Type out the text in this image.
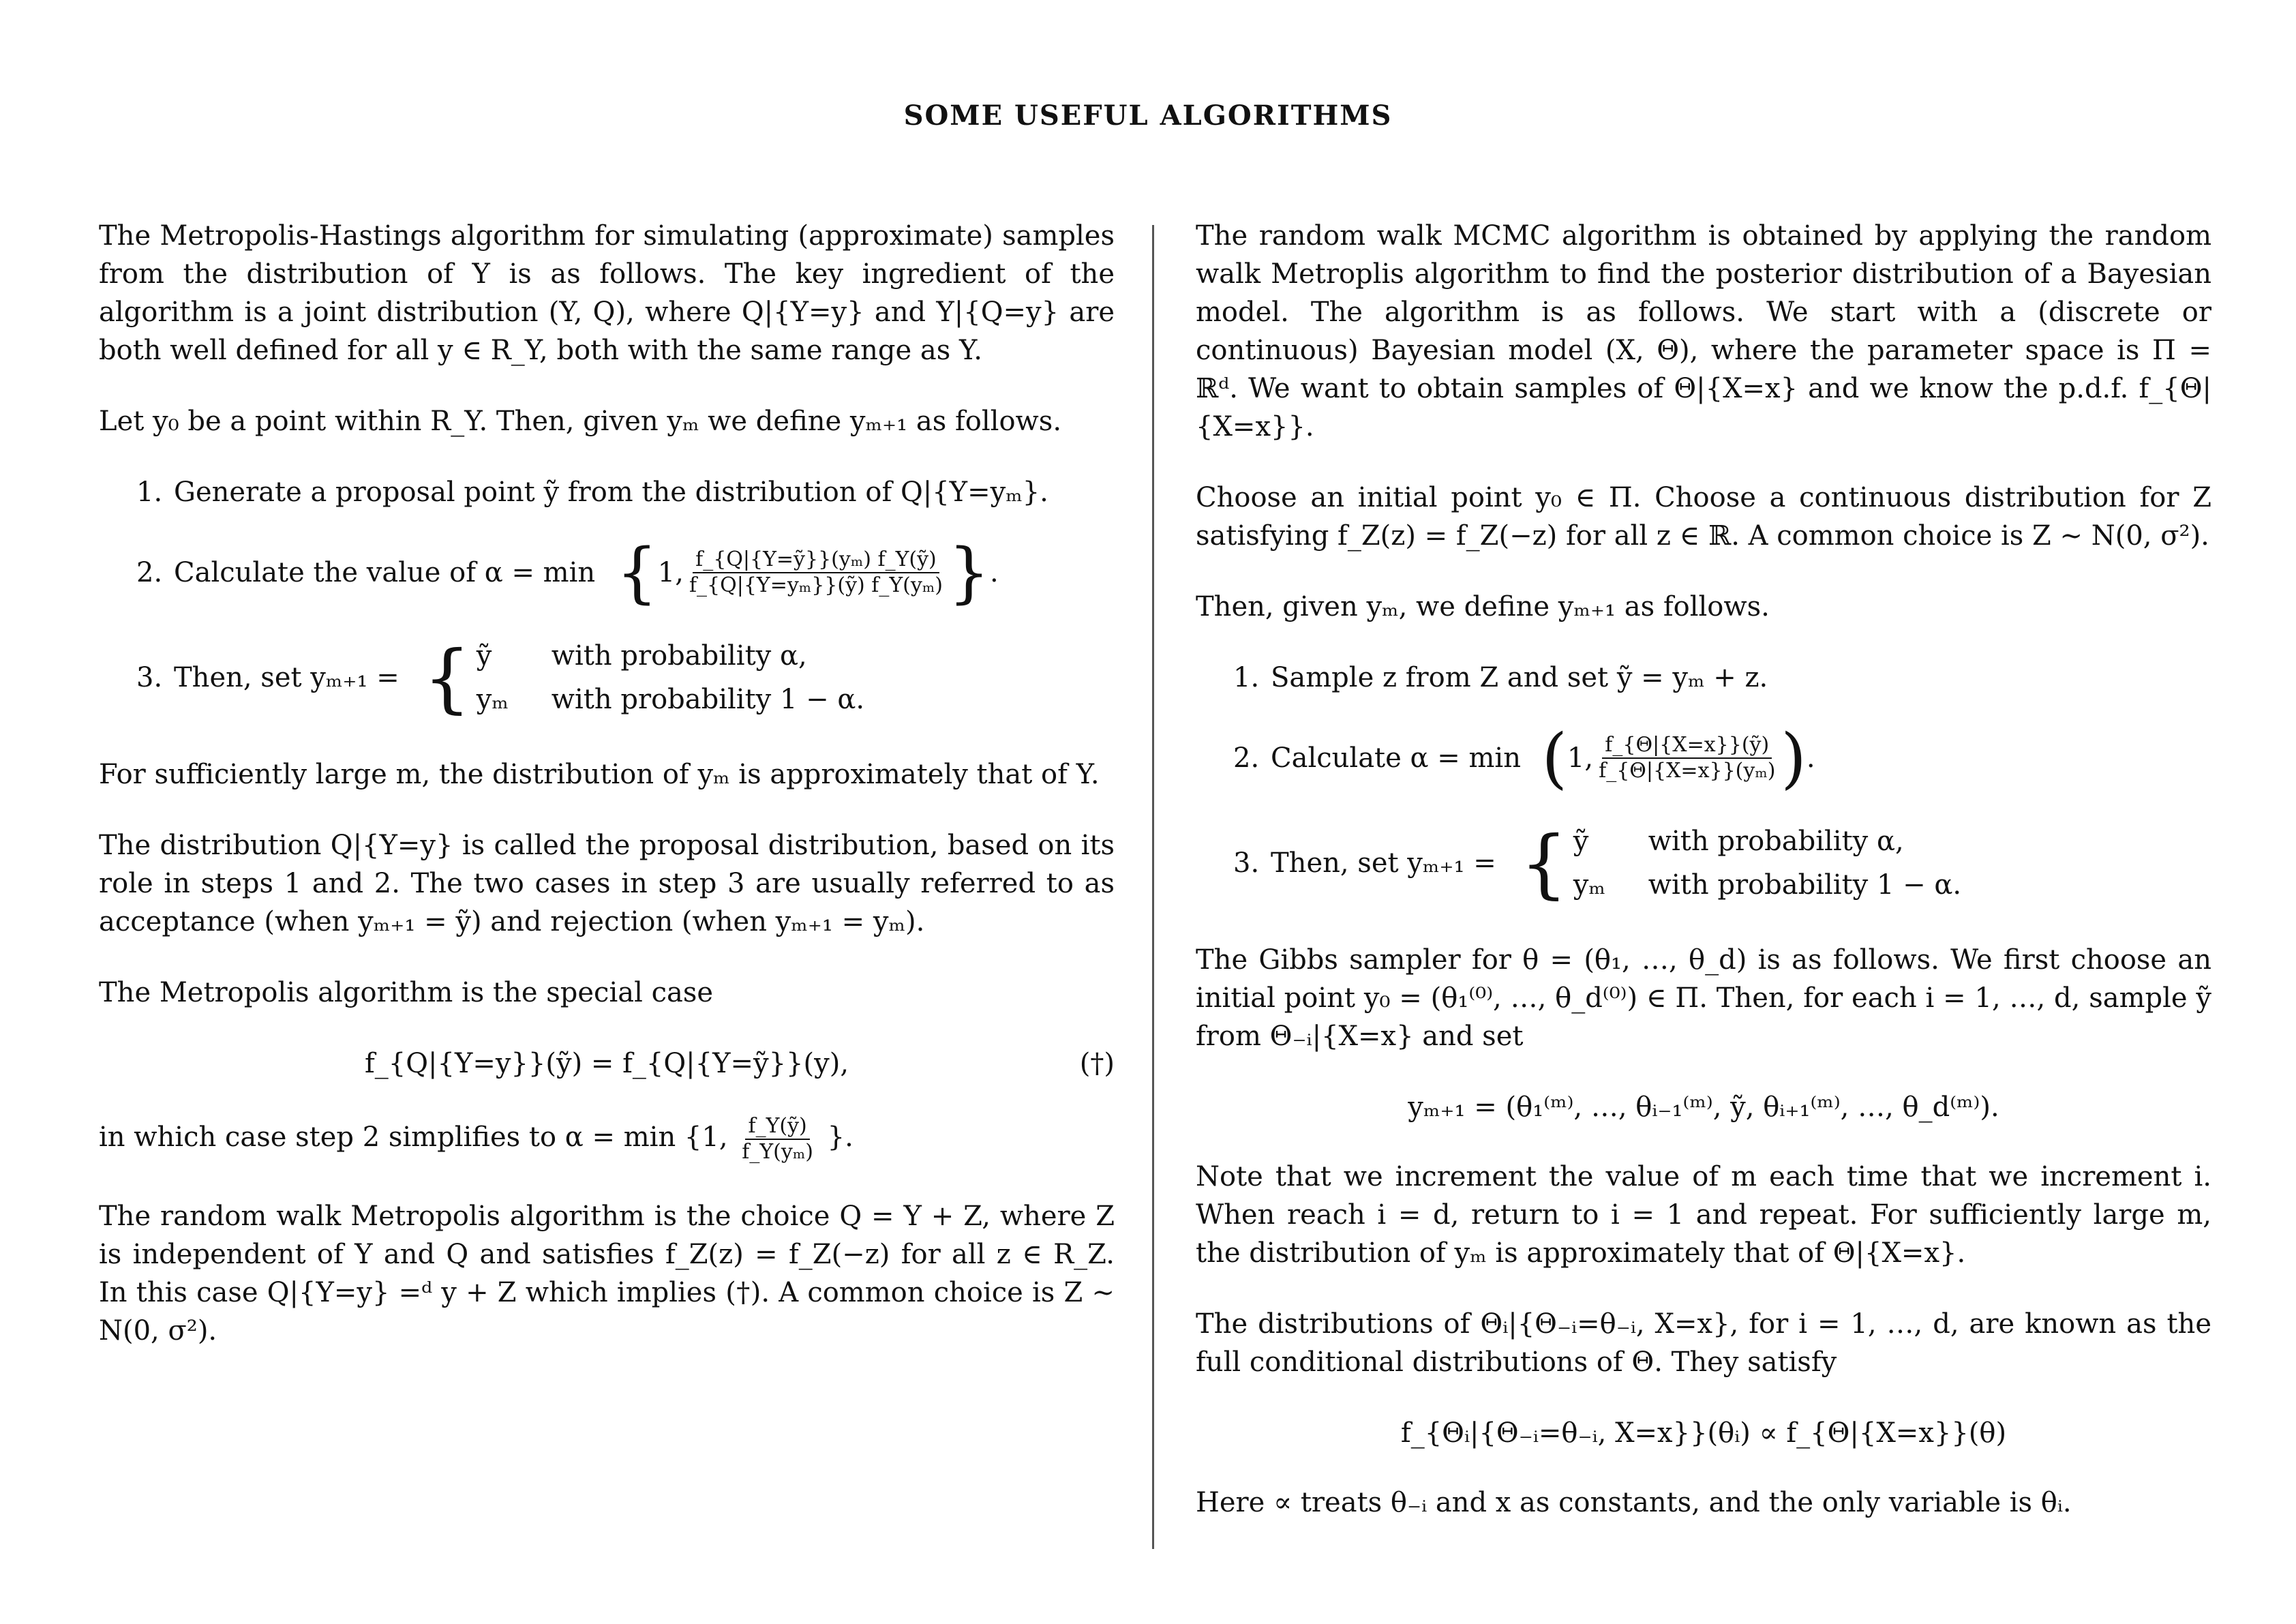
SOME USEFUL ALGORITHMS

The Metropolis-Hastings algorithm for simulating (approximate) samples from the distribution of Y is as follows. The key ingredient of the algorithm is a joint distribution (Y, Q), where Q|{Y=y} and Y|{Q=y} are both well defined for all y ∈ R_Y, both with the same range as Y.

Let y₀ be a point within R_Y. Then, given yₘ we define yₘ₊₁ as follows.

1. Generate a proposal point ỹ from the distribution of Q|{Y=yₘ}.
2. Calculate the value of α = min { 1, $\frac{\text{f\_\{Q|\{Y=ỹ\}\}(yₘ) f\_Y(ỹ)}}{\text{f\_\{Q|\{Y=yₘ\}\}(ỹ) f\_Y(yₘ)}}$ } .
3. Then, set yₘ₊₁ = { ỹ	with probability α,
yₘ	with probability 1 − α.

For sufficiently large m, the distribution of yₘ is approximately that of Y.

The distribution Q|{Y=y} is called the proposal distribution, based on its role in steps 1 and 2. The two cases in step 3 are usually referred to as acceptance (when yₘ₊₁ = ỹ) and rejection (when yₘ₊₁ = yₘ).

The Metropolis algorithm is the special case

f_{Q|{Y=y}}(ỹ) = f_{Q|{Y=ỹ}}(y),	(†)

in which case step 2 simplifies to α = min {1, $\frac{\text{f\_Y(ỹ)}}{\text{f\_Y(yₘ)}}$ }.

The random walk Metropolis algorithm is the choice Q = Y + Z, where Z is independent of Y and Q and satisfies f_Z(z) = f_Z(−z) for all z ∈ R_Z. In this case Q|{Y=y} =ᵈ y + Z which implies (†). A common choice is Z ∼ N(0, σ²).

The random walk MCMC algorithm is obtained by applying the random walk Metroplis algorithm to find the posterior distribution of a Bayesian model. The algorithm is as follows. We start with a (discrete or continuous) Bayesian model (X, Θ), where the parameter space is Π = ℝᵈ. We want to obtain samples of Θ|{X=x} and we know the p.d.f. f_{Θ|{X=x}}.

Choose an initial point y₀ ∈ Π. Choose a continuous distribution for Z satisfying f_Z(z) = f_Z(−z) for all z ∈ ℝ. A common choice is Z ∼ N(0, σ²).

Then, given yₘ, we define yₘ₊₁ as follows.

1. Sample z from Z and set ỹ = yₘ + z.
2. Calculate α = min ( 1, $\frac{\text{f\_\{Θ|\{X=x\}\}(ỹ)}}{\text{f\_\{Θ|\{X=x\}\}(yₘ)}}$ ) .
3. Then, set yₘ₊₁ = { ỹ	with probability α,
yₘ	with probability 1 − α.

The Gibbs sampler for θ = (θ₁, …, θ_d) is as follows. We first choose an initial point y₀ = (θ₁⁽⁰⁾, …, θ_d⁽⁰⁾) ∈ Π. Then, for each i = 1, …, d, sample ỹ from Θ₋ᵢ|{X=x} and set

yₘ₊₁ = (θ₁⁽ᵐ⁾, …, θᵢ₋₁⁽ᵐ⁾, ỹ, θᵢ₊₁⁽ᵐ⁾, …, θ_d⁽ᵐ⁾).

Note that we increment the value of m each time that we increment i. When reach i = d, return to i = 1 and repeat. For sufficiently large m, the distribution of yₘ is approximately that of Θ|{X=x}.

The distributions of Θᵢ|{Θ₋ᵢ=θ₋ᵢ, X=x}, for i = 1, …, d, are known as the full conditional distributions of Θ. They satisfy

f_{Θᵢ|{Θ₋ᵢ=θ₋ᵢ, X=x}}(θᵢ) ∝ f_{Θ|{X=x}}(θ)

Here ∝ treats θ₋ᵢ and x as constants, and the only variable is θᵢ.
